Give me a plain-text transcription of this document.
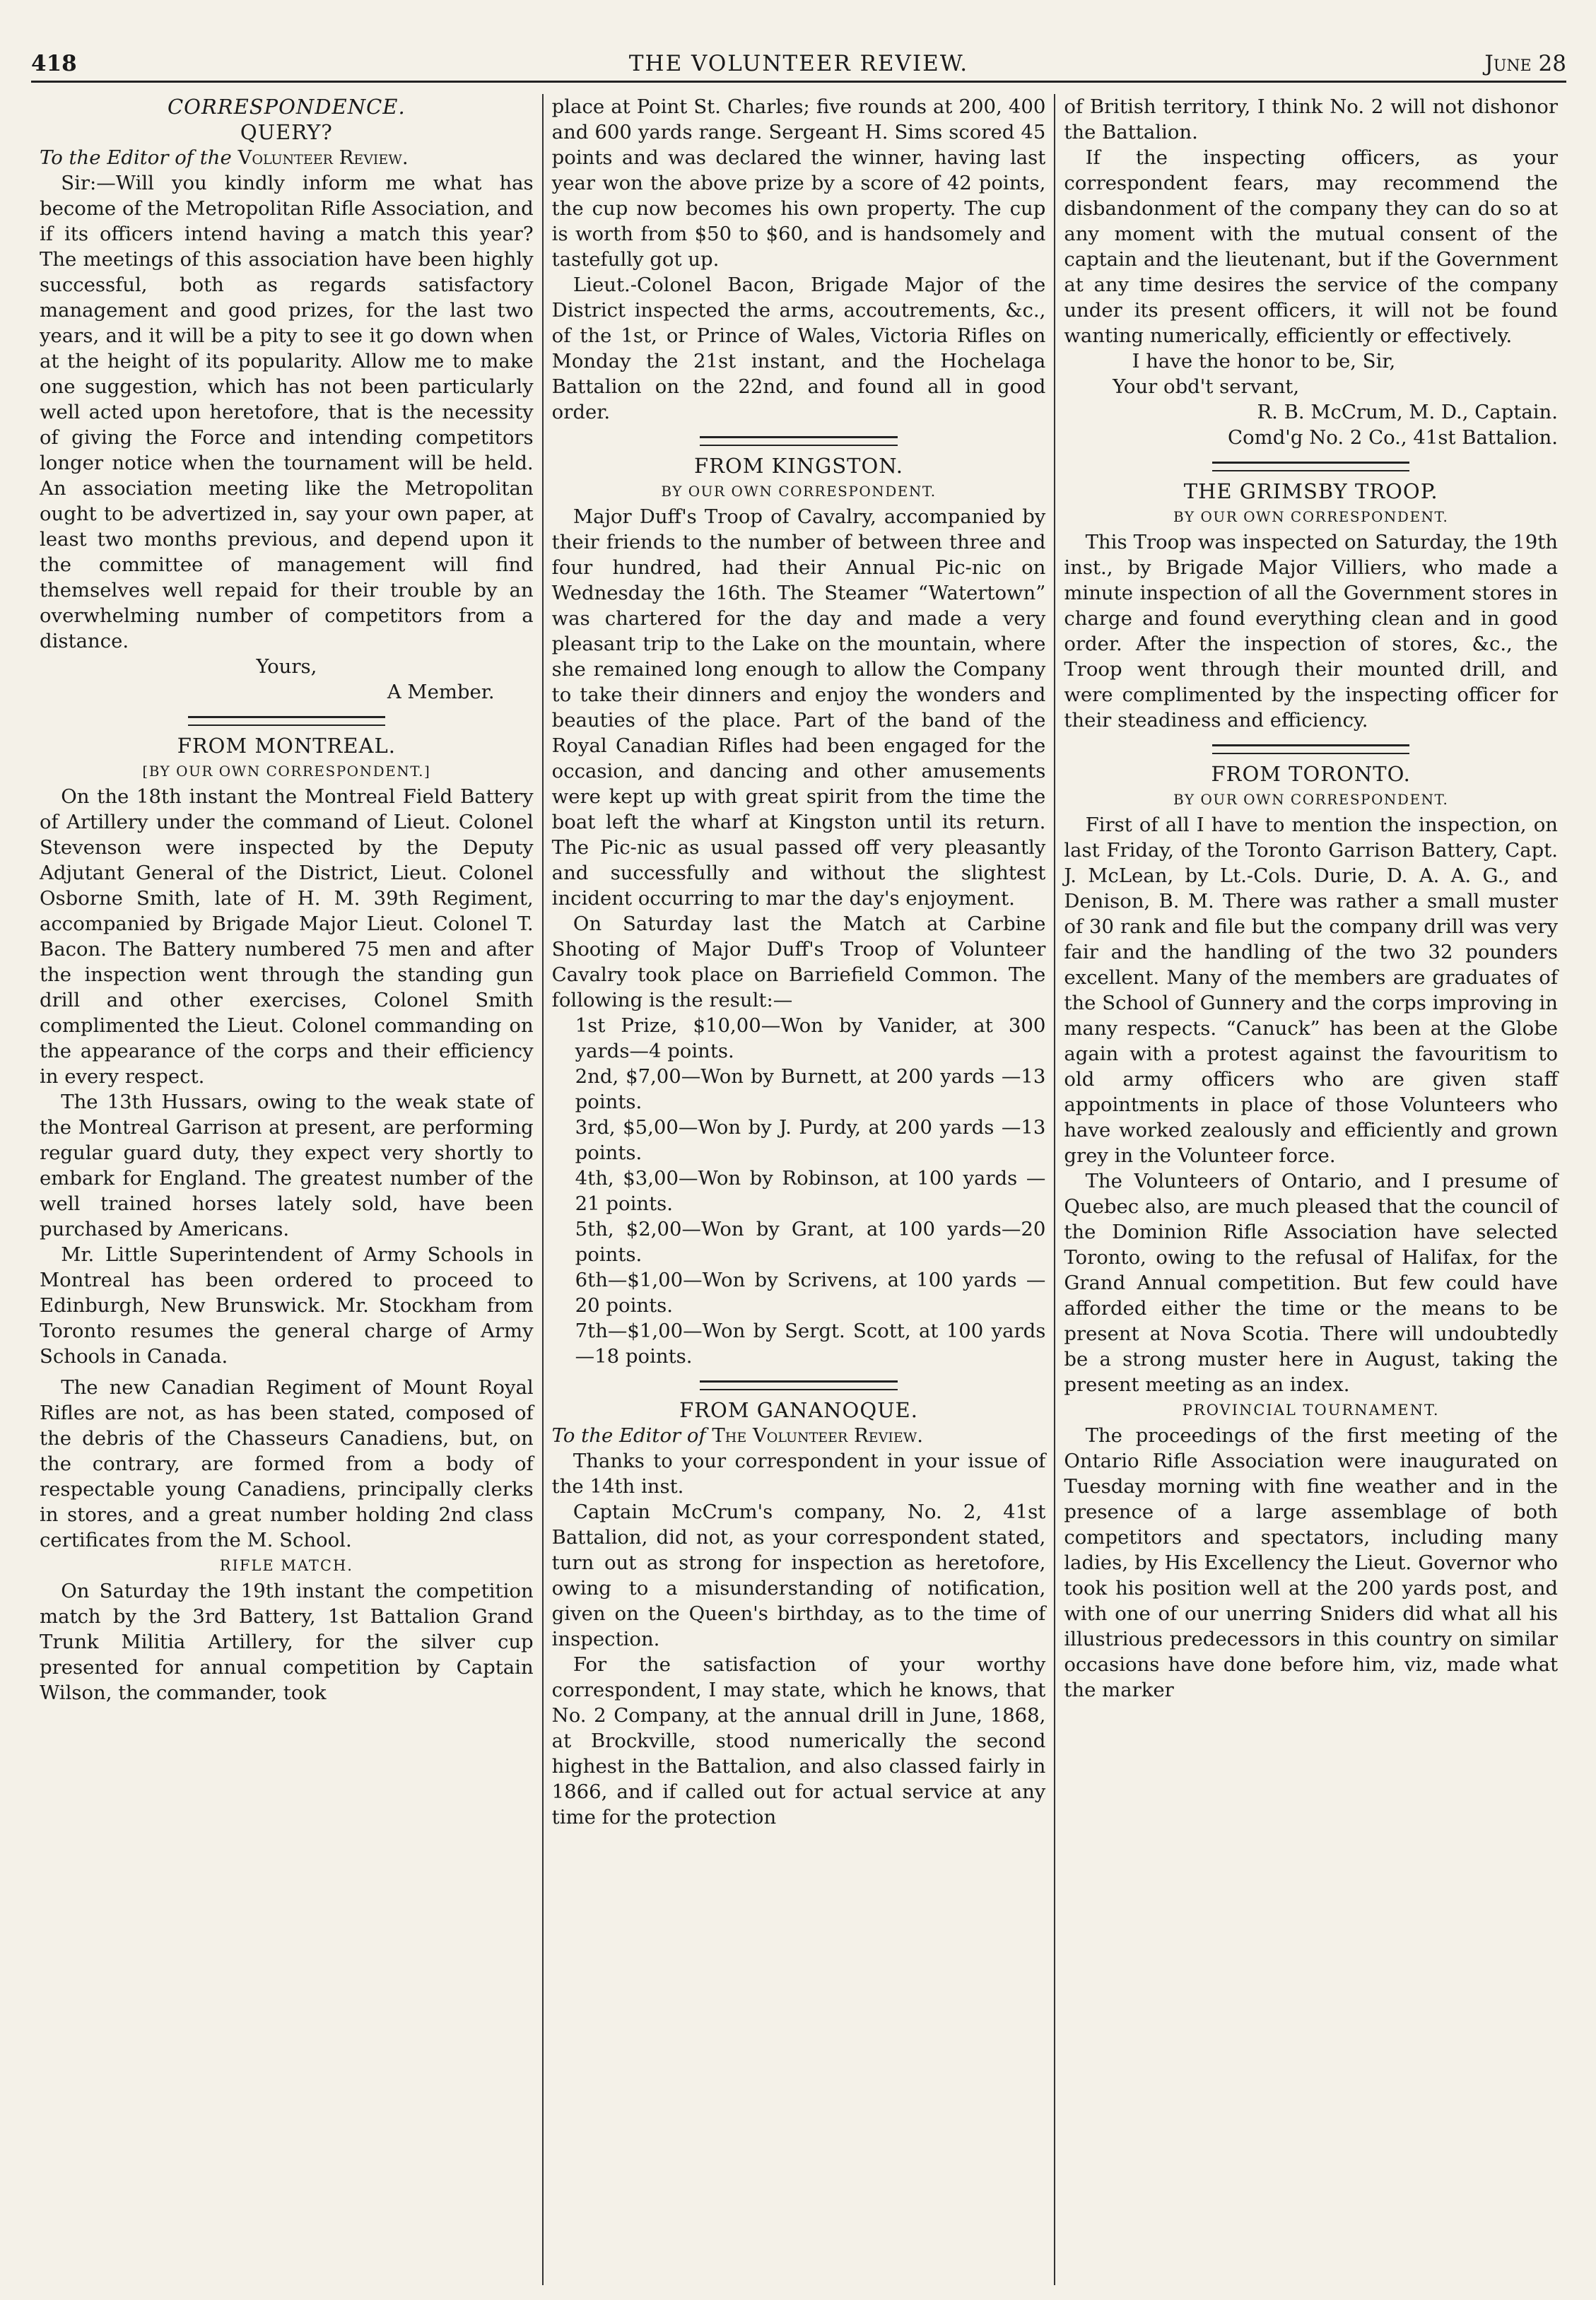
418	THE VOLUNTEER REVIEW.	June 28

CORRESPONDENCE.

QUERY?

To the Editor of the Volunteer Review.

Sir:—Will you kindly inform me what has become of the Metropolitan Rifle Association, and if its officers intend having a match this year? The meetings of this association have been highly successful, both as regards satisfactory management and good prizes, for the last two years, and it will be a pity to see it go down when at the height of its popularity. Allow me to make one suggestion, which has not been particularly well acted upon heretofore, that is the necessity of giving the Force and intending competitors longer notice when the tournament will be held. An association meeting like the Metropolitan ought to be advertized in, say your own paper, at least two months previous, and depend upon it the committee of management will find themselves well repaid for their trouble by an overwhelming number of competitors from a distance.

Yours,

A Member.

FROM MONTREAL.

[BY OUR OWN CORRESPONDENT.]

On the 18th instant the Montreal Field Battery of Artillery under the command of Lieut. Colonel Stevenson were inspected by the Deputy Adjutant General of the District, Lieut. Colonel Osborne Smith, late of H. M. 39th Regiment, accompanied by Brigade Major Lieut. Colonel T. Bacon. The Battery numbered 75 men and after the inspection went through the standing gun drill and other exercises, Colonel Smith complimented the Lieut. Colonel commanding on the appearance of the corps and their efficiency in every respect.

The 13th Hussars, owing to the weak state of the Montreal Garrison at present, are performing regular guard duty, they expect very shortly to embark for England. The greatest number of the well trained horses lately sold, have been purchased by Americans.

Mr. Little Superintendent of Army Schools in Montreal has been ordered to proceed to Edinburgh, New Brunswick. Mr. Stockham from Toronto resumes the general charge of Army Schools in Canada.

The new Canadian Regiment of Mount Royal Rifles are not, as has been stated, composed of the debris of the Chasseurs Canadiens, but, on the contrary, are formed from a body of respectable young Canadiens, principally clerks in stores, and a great number holding 2nd class certificates from the M. School.

RIFLE MATCH.

On Saturday the 19th instant the competition match by the 3rd Battery, 1st Battalion Grand Trunk Militia Artillery, for the silver cup presented for annual competition by Captain Wilson, the commander, took

place at Point St. Charles; five rounds at 200, 400 and 600 yards range. Sergeant H. Sims scored 45 points and was declared the winner, having last year won the above prize by a score of 42 points, the cup now becomes his own property. The cup is worth from $50 to $60, and is handsomely and tastefully got up.

Lieut.-Colonel Bacon, Brigade Major of the District inspected the arms, accoutrements, &c., of the 1st, or Prince of Wales, Victoria Rifles on Monday the 21st instant, and the Hochelaga Battalion on the 22nd, and found all in good order.

FROM KINGSTON.

BY OUR OWN CORRESPONDENT.

Major Duff's Troop of Cavalry, accompanied by their friends to the number of between three and four hundred, had their Annual Pic-nic on Wednesday the 16th. The Steamer “Watertown” was chartered for the day and made a very pleasant trip to the Lake on the mountain, where she remained long enough to allow the Company to take their dinners and enjoy the wonders and beauties of the place. Part of the band of the Royal Canadian Rifles had been engaged for the occasion, and dancing and other amusements were kept up with great spirit from the time the boat left the wharf at Kingston until its return. The Pic-nic as usual passed off very pleasantly and successfully and without the slightest incident occurring to mar the day's enjoyment.

On Saturday last the Match at Carbine Shooting of Major Duff's Troop of Volunteer Cavalry took place on Barriefield Common. The following is the result:—

1st Prize, $10,00—Won by Vanider, at 300 yards—4 points.

2nd, $7,00—Won by Burnett, at 200 yards —13 points.

3rd, $5,00—Won by J. Purdy, at 200 yards —13 points.

4th, $3,00—Won by Robinson, at 100 yards —21 points.

5th, $2,00—Won by Grant, at 100 yards—20 points.

6th—$1,00—Won by Scrivens, at 100 yards —20 points.

7th—$1,00—Won by Sergt. Scott, at 100 yards—18 points.

FROM GANANOQUE.

To the Editor of The Volunteer Review.

Thanks to your correspondent in your issue of the 14th inst.

Captain McCrum's company, No. 2, 41st Battalion, did not, as your correspondent stated, turn out as strong for inspection as heretofore, owing to a misunderstanding of notification, given on the Queen's birthday, as to the time of inspection.

For the satisfaction of your worthy correspondent, I may state, which he knows, that No. 2 Company, at the annual drill in June, 1868, at Brockville, stood numerically the second highest in the Battalion, and also classed fairly in 1866, and if called out for actual service at any time for the protection

of British territory, I think No. 2 will not dishonor the Battalion.

If the inspecting officers, as your correspondent fears, may recommend the disbandonment of the company they can do so at any moment with the mutual consent of the captain and the lieutenant, but if the Government at any time desires the service of the company under its present officers, it will not be found wanting numerically, efficiently or effectively.

I have the honor to be, Sir,

Your obd't servant,

R. B. McCrum, M. D., Captain.

Comd'g No. 2 Co., 41st Battalion.

THE GRIMSBY TROOP.

BY OUR OWN CORRESPONDENT.

This Troop was inspected on Saturday, the 19th inst., by Brigade Major Villiers, who made a minute inspection of all the Government stores in charge and found everything clean and in good order. After the inspection of stores, &c., the Troop went through their mounted drill, and were complimented by the inspecting officer for their steadiness and efficiency.

FROM TORONTO.

BY OUR OWN CORRESPONDENT.

First of all I have to mention the inspection, on last Friday, of the Toronto Garrison Battery, Capt. J. McLean, by Lt.-Cols. Durie, D. A. A. G., and Denison, B. M. There was rather a small muster of 30 rank and file but the company drill was very fair and the handling of the two 32 pounders excellent. Many of the members are graduates of the School of Gunnery and the corps improving in many respects. “Canuck” has been at the Globe again with a protest against the favouritism to old army officers who are given staff appointments in place of those Volunteers who have worked zealously and efficiently and grown grey in the Volunteer force.

The Volunteers of Ontario, and I presume of Quebec also, are much pleased that the council of the Dominion Rifle Association have selected Toronto, owing to the refusal of Halifax, for the Grand Annual competition. But few could have afforded either the time or the means to be present at Nova Scotia. There will undoubtedly be a strong muster here in August, taking the present meeting as an index.

PROVINCIAL TOURNAMENT.

The proceedings of the first meeting of the Ontario Rifle Association were inaugurated on Tuesday morning with fine weather and in the presence of a large assemblage of both competitors and spectators, including many ladies, by His Excellency the Lieut. Governor who took his position well at the 200 yards post, and with one of our unerring Sniders did what all his illustrious predecessors in this country on similar occasions have done before him, viz, made what the marker
